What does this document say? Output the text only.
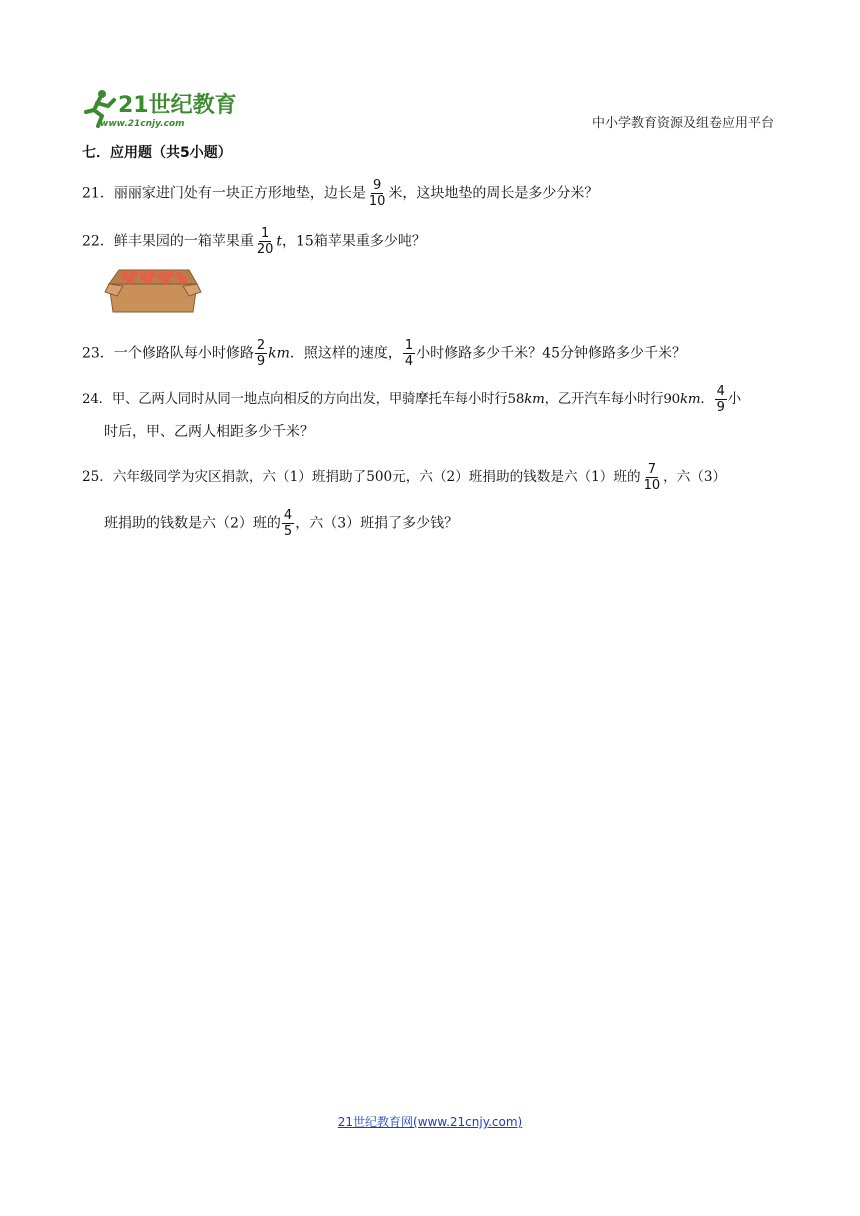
21世纪教育
www.21cnjy.com	中小学教育资源及组卷应用平台
七．应用题（共5小题）
21．丽丽家进门处有一块正方形地垫，边长是 $\frac{9}{10}$ 米，这块地垫的周长是多少分米？
22．鲜丰果园的一箱苹果重 $\frac{1}{20}$ t，15箱苹果重多少吨？
23．一个修路队每小时修路 $\frac{2}{9}$ km．照这样的速度， $\frac{1}{4}$ 小时修路多少千米？45分钟修路多少千米？
24．甲、乙两人同时从同一地点向相反的方向出发，甲骑摩托车每小时行58km，乙开汽车每小时行90km． $\frac{4}{9}$ 小
时后，甲、乙两人相距多少千米？
25．六年级同学为灾区捐款，六（1）班捐助了500元，六（2）班捐助的钱数是六（1）班的 $\frac{7}{10}$ ，六（3）
班捐助的钱数是六（2）班的 $\frac{4}{5}$ ，六（3）班捐了多少钱？
21世纪教育网(www.21cnjy.com)
